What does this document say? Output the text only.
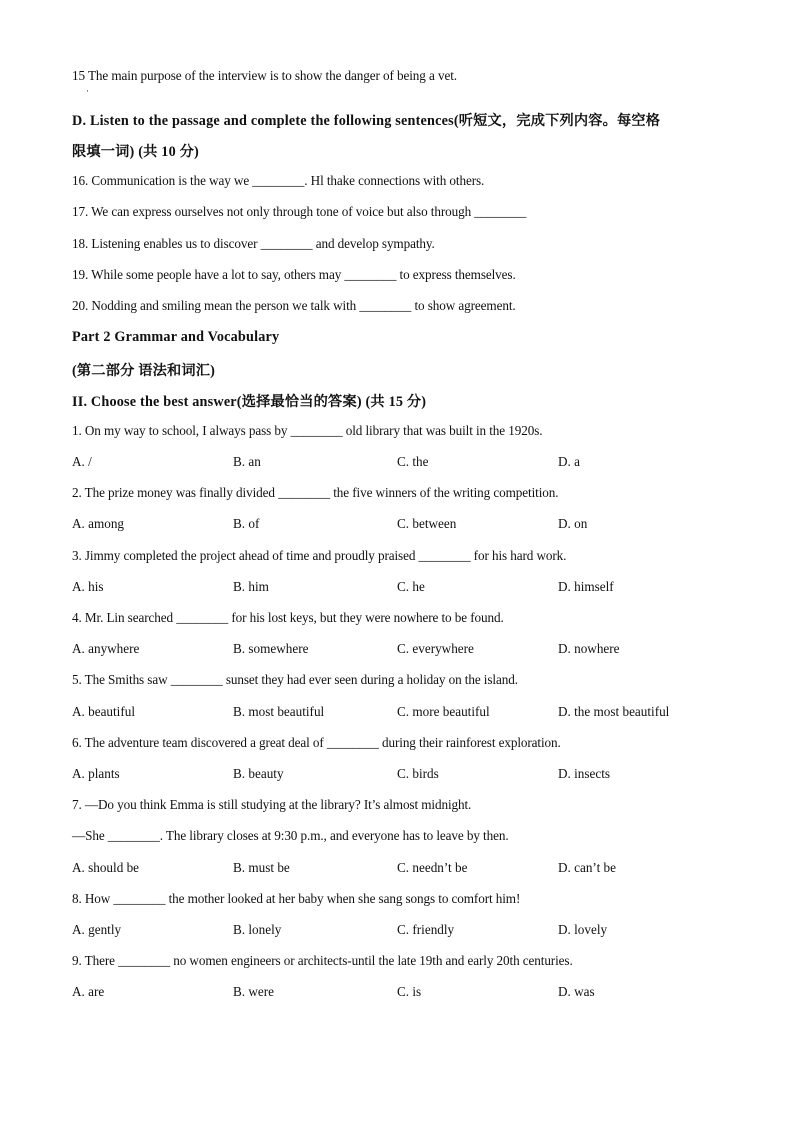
15 The main purpose of the interview is to show the danger of being a vet.
·
D. Listen to the passage and complete the following sentences(听短文，完成下列内容。每空格
限填一词) (共 10 分)
16. Communication is the way we ________. Hl thake connections with others.
17. We can express ourselves not only through tone of voice but also through ________
18. Listening enables us to discover ________ and develop sympathy.
19. While some people have a lot to say, others may ________ to express themselves.
20. Nodding and smiling mean the person we talk with ________ to show agreement.
Part 2 Grammar and Vocabulary
(第二部分 语法和词汇)
II. Choose the best answer(选择最恰当的答案) (共 15 分)
1. On my way to school, I always pass by ________ old library that was built in the 1920s.
A. /	B. an	C. the	D. a
2. The prize money was finally divided ________ the five winners of the writing competition.
A. among	B. of	C. between	D. on
3. Jimmy completed the project ahead of time and proudly praised ________ for his hard work.
A. his	B. him	C. he	D. himself
4. Mr. Lin searched ________ for his lost keys, but they were nowhere to be found.
A. anywhere	B. somewhere	C. everywhere	D. nowhere
5. The Smiths saw ________ sunset they had ever seen during a holiday on the island.
A. beautiful	B. most beautiful	C. more beautiful	D. the most beautiful
6. The adventure team discovered a great deal of ________ during their rainforest exploration.
A. plants	B. beauty	C. birds	D. insects
7. —Do you think Emma is still studying at the library? It’s almost midnight.
—She ________. The library closes at 9:30 p.m., and everyone has to leave by then.
A. should be	B. must be	C. needn’t be	D. can’t be
8. How ________ the mother looked at her baby when she sang songs to comfort him!
A. gently	B. lonely	C. friendly	D. lovely
9. There ________ no women engineers or architects-until the late 19th and early 20th centuries.
A. are	B. were	C. is	D. was
